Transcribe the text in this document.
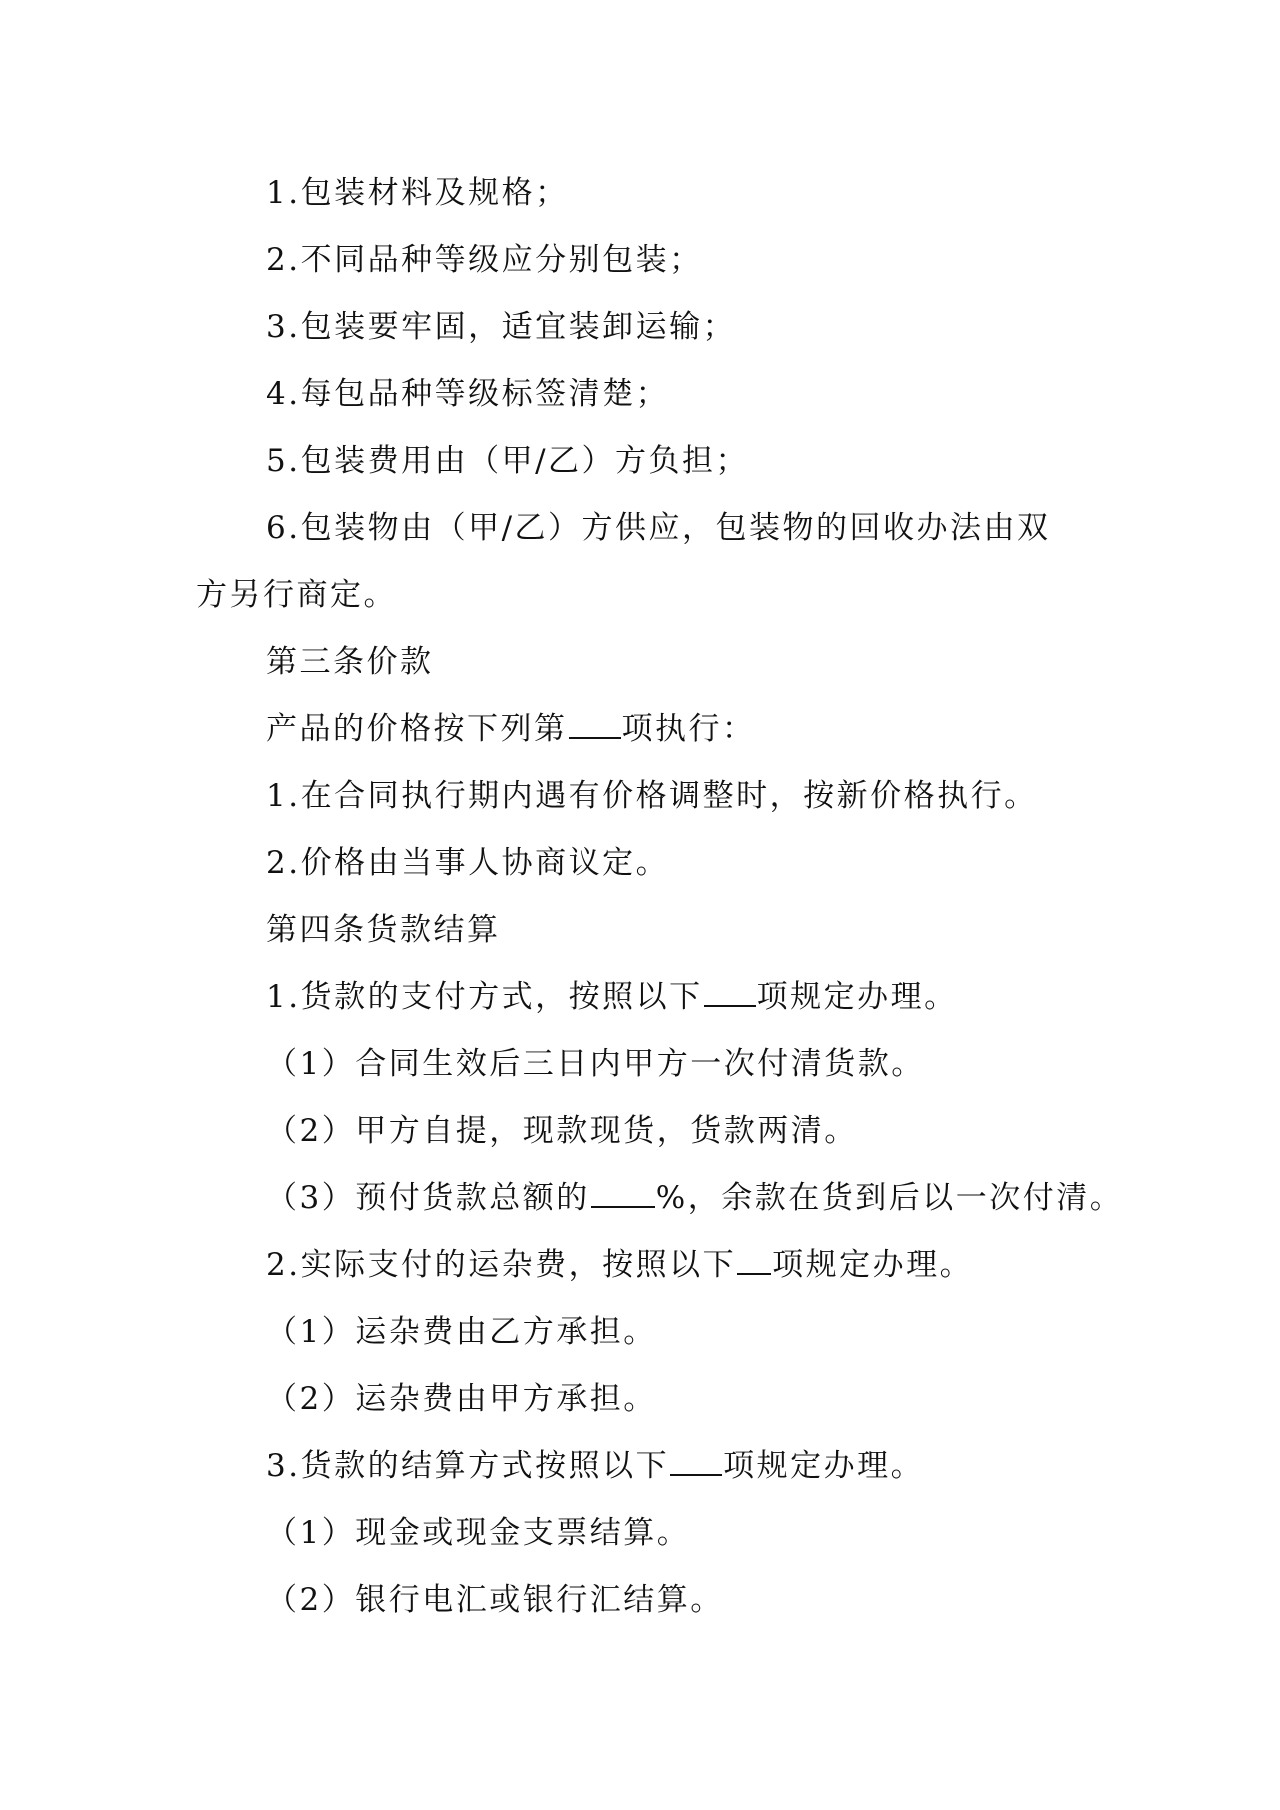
1.包装材料及规格；
2.不同品种等级应分别包装；
3.包装要牢固，适宜装卸运输；
4.每包品种等级标签清楚；
5.包装费用由（甲/乙）方负担；
6.包装物由（甲/乙）方供应，包装物的回收办法由双
方另行商定。
第三条价款
产品的价格按下列第 项执行：
1.在合同执行期内遇有价格调整时，按新价格执行。
2.价格由当事人协商议定。
第四条货款结算
1.货款的支付方式，按照以下 项规定办理。
（1）合同生效后三日内甲方一次付清货款。
（2）甲方自提，现款现货，货款两清。
（3）预付货款总额的 %，余款在货到后以一次付清。
2.实际支付的运杂费，按照以下 项规定办理。
（1）运杂费由乙方承担。
（2）运杂费由甲方承担。
3.货款的结算方式按照以下 项规定办理。
（1）现金或现金支票结算。
（2）银行电汇或银行汇结算。
